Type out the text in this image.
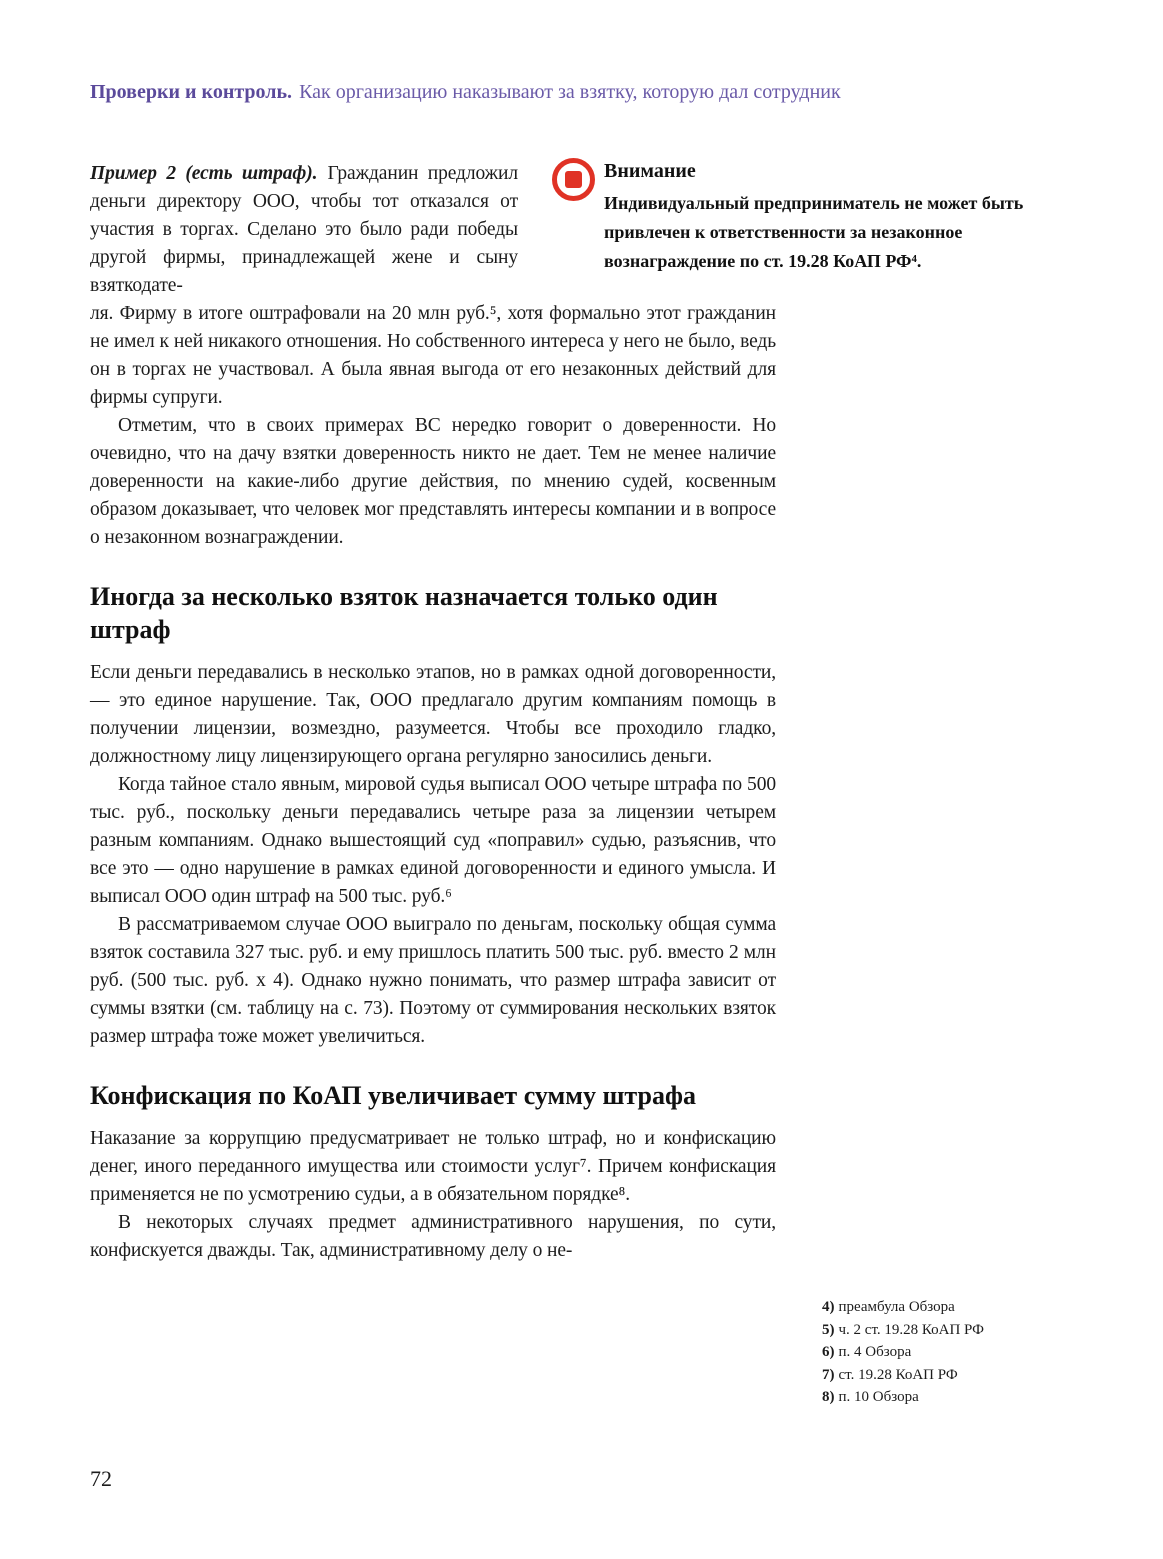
Проверки и контроль. Как организацию наказывают за взятку, которую дал сотрудник
Внимание
Индивидуальный предприниматель не может быть привлечен к ответственности за незаконное вознаграждение по ст. 19.28 КоАП РФ⁴.

Пример 2 (есть штраф). Гражданин предложил деньги директору ООО, чтобы тот отказался от участия в торгах. Сделано это было ради победы другой фирмы, принадлежащей жене и сыну взяткодате-

ля. Фирму в итоге оштрафовали на 20 млн руб.⁵, хотя формально этот гражданин не имел к ней никакого отношения. Но собственного интереса у него не было, ведь он в торгах не участвовал. А была явная выгода от его незаконных действий для фирмы супруги.

Отметим, что в своих примерах ВС нередко говорит о доверенности. Но очевидно, что на дачу взятки доверенность никто не дает. Тем не менее наличие доверенности на какие-либо другие действия, по мнению судей, косвенным образом доказывает, что человек мог представлять интересы компании и в вопросе о незаконном вознаграждении.

Иногда за несколько взяток назначается только один штраф

Если деньги передавались в несколько этапов, но в рамках одной договоренности, — это единое нарушение. Так, ООО предлагало другим компаниям помощь в получении лицензии, возмездно, разумеется. Чтобы все проходило гладко, должностному лицу лицензирующего органа регулярно заносились деньги.

Когда тайное стало явным, мировой судья выписал ООО четыре штрафа по 500 тыс. руб., поскольку деньги передавались четыре раза за лицензии четырем разным компаниям. Однако вышестоящий суд «поправил» судью, разъяснив, что все это — одно нарушение в рамках единой договоренности и единого умысла. И выписал ООО один штраф на 500 тыс. руб.⁶

В рассматриваемом случае ООО выиграло по деньгам, поскольку общая сумма взяток составила 327 тыс. руб. и ему пришлось платить 500 тыс. руб. вместо 2 млн руб. (500 тыс. руб. х 4). Однако нужно понимать, что размер штрафа зависит от суммы взятки (см. таблицу на с. 73). Поэтому от суммирования нескольких взяток размер штрафа тоже может увеличиться.

Конфискация по КоАП увеличивает сумму штрафа

Наказание за коррупцию предусматривает не только штраф, но и конфискацию денег, иного переданного имущества или стоимости услуг⁷. Причем конфискация применяется не по усмотрению судьи, а в обязательном порядке⁸.

В некоторых случаях предмет административного нарушения, по сути, конфискуется дважды. Так, административному делу о не-

4) преамбула Обзора
5) ч. 2 ст. 19.28 КоАП РФ
6) п. 4 Обзора
7) ст. 19.28 КоАП РФ
8) п. 10 Обзора
72
